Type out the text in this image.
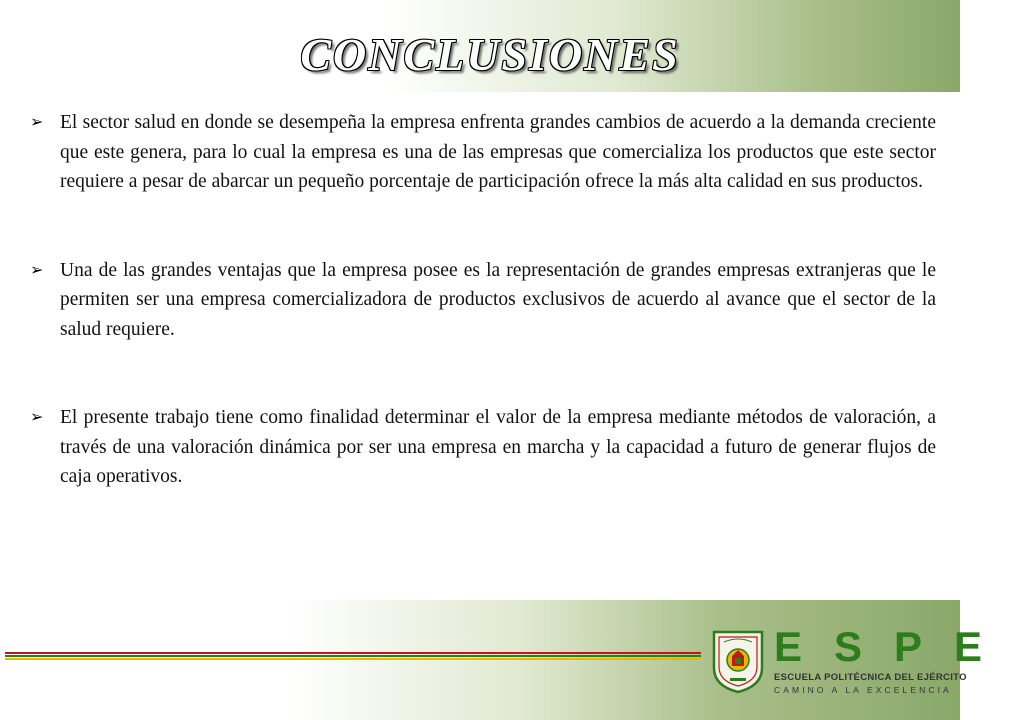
CONCLUSIONES

➢ El sector salud en donde se desempeña la empresa enfrenta grandes cambios de acuerdo a la demanda creciente que este genera, para lo cual la empresa es una de las empresas que comercializa los productos que este sector requiere a pesar de abarcar un pequeño porcentaje de participación ofrece la más alta calidad en sus productos.

➢ Una de las grandes ventajas que la empresa posee es la representación de grandes empresas extranjeras que le permiten ser una empresa comercializadora de productos exclusivos de acuerdo al avance que el sector de la salud requiere.

➢ El presente trabajo tiene como finalidad determinar el valor de la empresa mediante métodos de valoración, a través de una valoración dinámica por ser una empresa en marcha y la capacidad a futuro de generar flujos de caja operativos.

ESPE
ESCUELA POLITÉCNICA DEL EJÉRCITO
CAMINO A LA EXCELENCIA
